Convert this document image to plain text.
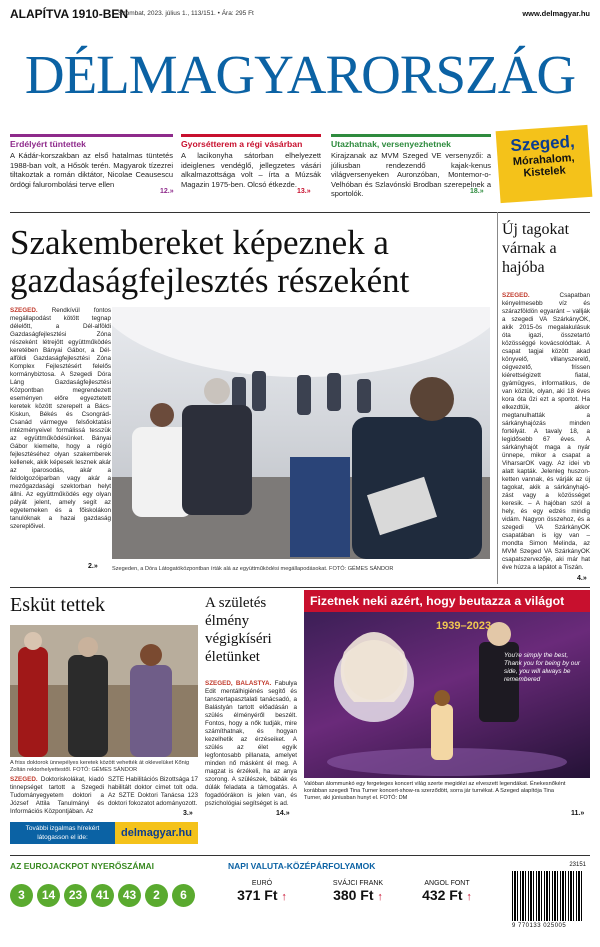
ALAPÍTVA 1910-BEN
Szombat, 2023. július 1., 113/151. • Ára: 295 Ft	www.delmagyar.hu
DÉLMAGYARORSZÁG
Erdélyért tüntettek
A Kádár-korszakban az első hatalmas tüntetés 1988-ban volt, a Hősök terén. Magyarok tízezrei tiltakoztak a román diktátor, Nicolae Ceausescu ördögi falurombolási terve ellen
12.»
Gyorsétterem a régi vásárban
A lacikonyha sátorban elhelyezett ideiglenes vendéglő, jellegzetes vásári alkalmazottsága volt – írta a Múzsák Magazin 1975-ben. Olcsó étkezde.
13.»
Utazhatnak, versenyezhetnek
Kirajzanak az MVM Szeged VE versenyzői: a júliusban rendezendő kajak-kenus világversenyeken Auronzóban, Montemor-o-Velhóban és Szlavónski Brodban szerepelnek a sportolók.	18.»
Szeged,
Mórahalom,
Kistelek
Szakembereket képeznek a gazdaságfejlesztés részeként
SZEGED. Rendkívül fontos megállapodást kötött tegnap délelőtt, a Dél-alföldi Gazdaságfejlesztési Zóna részeként létrejött együttműködés keretében Bányai Gábor, a Dél-alföldi Gazdaságfejlesztési Zóna Komplex Fejlesztésért felelős kormánybiztosa. A Szegedi Dóra Láng Gazdaságfejlesztési Központban megrendezett eseményen előre egyeztetett keretek között szerepelt a Bács-Kiskun, Békés és Csongrád-Csanád vármegye felsőoktatási intézményeivel formálissá tesszük az együttműködésünket. Bányai Gábor kiemelte, hogy a régió fejlesztéséhez olyan szakemberek kellenek, akik képesek lesznek akár az iparosodás, akár a feldolgozóiparban vagy akár a mezőgazdasági szektorban helyt állni. Az együttműködés egy olyan pályát jelent, amely segít az egyetemeken és a főiskolákon tanulóknak a hazai gazdaság szereplőivel.
2.»	Szegeden, a Dóra Látogatóközpontban írták alá az együttműködési megállapodásokat. FOTÓ: GÉMES SÁNDOR
Új tagokat várnak a hajóba
SZEGED.	Csapatban kényelmesebb víz és szárazföldön egyaránt – vallják a szegedi VA SzárkányOK, akik 2015-ös megalakulásuk óta igazi, összetartó közösséggé kovácsolódtak. A csapat tagjai között akad könyvelő, villanyszerelő, cégvezető, frissen kiérettségizett fiatal, gyámügyes, informatikus, de van köztük, olyan, aki 18 éves kora óta űzi ezt a sportot. Ha elkezdtük, akkor megtanulhatták a sárkányhajózás minden fortélyát. A tavaly 18, a legidősebb 67 éves. A sárkányhajót maga a nyár ünnepe, mikor a csapat a ViharsarOK vagy. Az idei vb alatt kapták. Jelenleg huszon-ketten vannak, és várják az új tagokat, akik a sárkányhajó-zást vagy a közösséget keresik. – A hajóban szól a hely, és egy edzés mindig vidám. Nagyon összehoz, és a szegedi VA SzárkányOK csapatában is így van – mondta Simon Melinda, az MVM Szeged VA SzárkányOK csapatszervezője, aki már hat éve húzza a lapátot a Tiszán.
4.»
Esküt tettek
A friss doktorok ünnepélyes keretek között vehették át oklevelüket Kőnig Zoltán rektorhelyettestől. FOTÓ: GÉMES SÁNDOR
SZEGED. Doktoriskolákat, kiadó tinnepséget tartott a Szegedi Tudományegyetem doktori a József Attila Tanulmányi és Információs Központjában. Az
SZTE Habilitációs Bizottsága 17 habilitált doktor címet tolt oda. Az SZTE Doktori Tanácsa 123 doktori fokozatot adományozott.
3.»
A születés élmény végigkíséri életünket
SZEGED, BALÁSTYA. Fabulya Edit mentálhigiénés segítő és tanszertapasztalati tanácsadó, a Balástyán tartott előadásán a szülés élményéről beszélt. Fontos, hogy a nők tudják, mire számíthatnak, és hogyan kezelhetik az érzéseiket. A szülés az élet egyik legfontosabb pillanata, amelyet minden nő másként él meg. A magzat is érzékeli, ha az anya szorong. A szülészek, bábák és dúlák feladata a támogatás. A fogadóórákon is jelen van, és pszichológiai segítséget is ad.
14.»
Fizetnek neki azért, hogy beutazza a világot
1939–2023
You're simply the best, Thank you for being by our side, you will always be remembered
Valóban álommunkó egy fergeteges koncert világ szerte megidézi az elveszett legendákat. Énekesnőként korábban szegedi Tina Turner koncert-show-ra szerződött, sorra jár turnékat. A Szeged alapítója Tina Turner, aki júniusban hunyt el. FOTÓ: DM
11.»
További izgalmas hírekért
látogasson el ide:	delmagyar.hu
AZ EUROJACKPOT NYERŐSZÁMAI
3 14 23 41 43 2 6
NAPI VALUTA-KÖZÉPÁRFOLYAMOK
EURÓ
371 Ft ↑
SVÁJCI FRANK
380 Ft ↑
ANGOL FONT
432 Ft ↑
23151
9 770133 025005
